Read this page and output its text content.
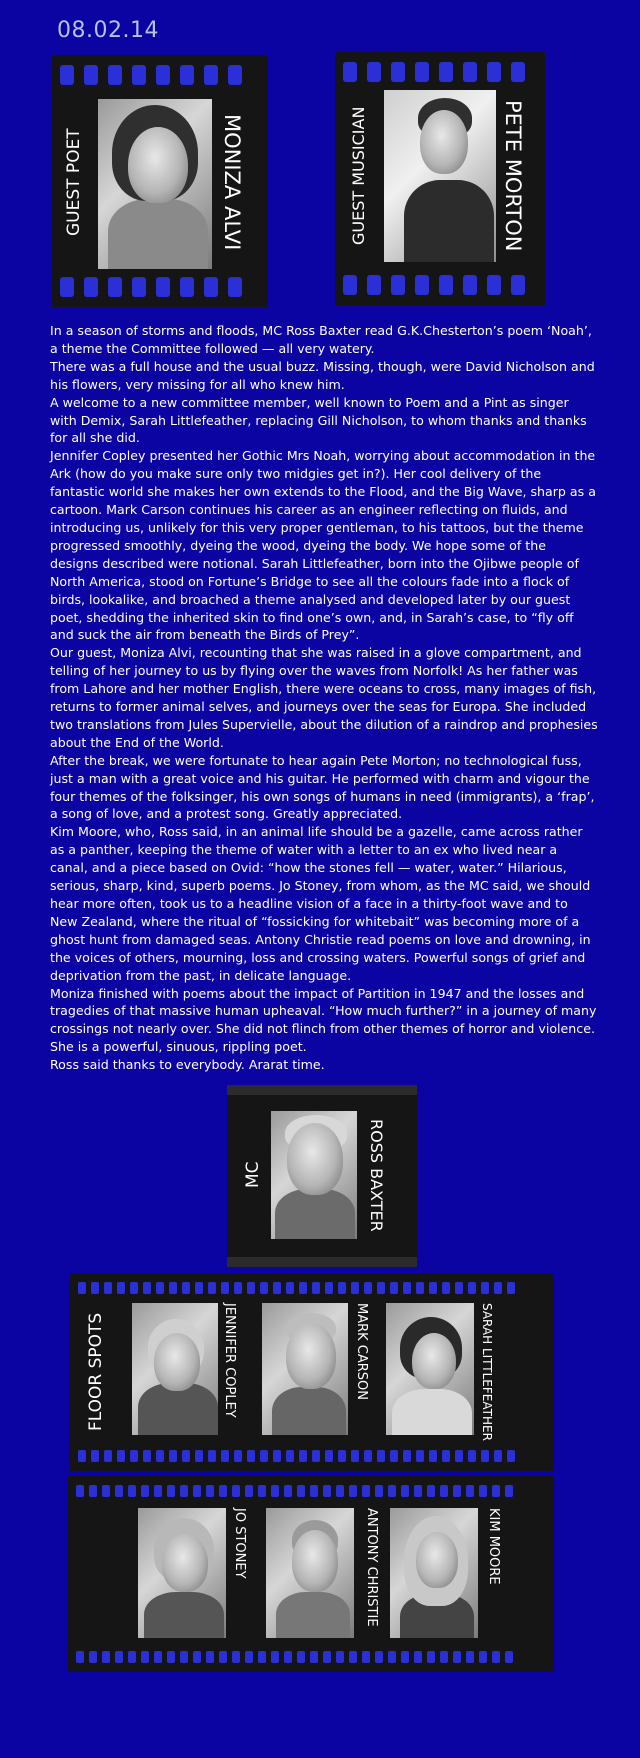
08.02.14
GUEST POET	MONIZA ALVI	GUEST MUSICIAN	PETE MORTON

In a season of storms and floods, MC Ross Baxter read G.K.Chesterton’s poem ‘Noah’, a theme the Committee followed — all very watery.

There was a full house and the usual buzz. Missing, though, were David Nicholson and his flowers, very missing for all who knew him.

A welcome to a new committee member, well known to Poem and a Pint as singer with Demix, Sarah Littlefeather, replacing Gill Nicholson, to whom thanks and thanks for all she did.

Jennifer Copley presented her Gothic Mrs Noah, worrying about accommodation in the Ark (how do you make sure only two midgies get in?). Her cool delivery of the fantastic world she makes her own extends to the Flood, and the Big Wave, sharp as a cartoon. Mark Carson continues his career as an engineer reflecting on fluids, and introducing us, unlikely for this very proper gentleman, to his tattoos, but the theme progressed smoothly, dyeing the wood, dyeing the body. We hope some of the designs described were notional. Sarah Littlefeather, born into the Ojibwe people of North America, stood on Fortune’s Bridge to see all the colours fade into a flock of birds, lookalike, and broached a theme analysed and developed later by our guest poet, shedding the inherited skin to find one’s own, and, in Sarah’s case, to “fly off and suck the air from beneath the Birds of Prey”.

Our guest, Moniza Alvi, recounting that she was raised in a glove compartment, and telling of her journey to us by flying over the waves from Norfolk! As her father was from Lahore and her mother English, there were oceans to cross, many images of fish, returns to former animal selves, and journeys over the seas for Europa. She included two translations from Jules Supervielle, about the dilution of a raindrop and prophesies about the End of the World.

After the break, we were fortunate to hear again Pete Morton; no technological fuss, just a man with a great voice and his guitar. He performed with charm and vigour the four themes of the folksinger, his own songs of humans in need (immigrants), a ‘frap’, a song of love, and a protest song. Greatly appreciated.

Kim Moore, who, Ross said, in an animal life should be a gazelle, came across rather as a panther, keeping the theme of water with a letter to an ex who lived near a canal, and a piece based on Ovid: “how the stones fell — water, water.” Hilarious, serious, sharp, kind, superb poems. Jo Stoney, from whom, as the MC said, we should hear more often, took us to a headline vision of a face in a thirty-foot wave and to New Zealand, where the ritual of “fossicking for whitebait” was becoming more of a ghost hunt from damaged seas. Antony Christie read poems on love and drowning, in the voices of others, mourning, loss and crossing waters. Powerful songs of grief and deprivation from the past, in delicate language.

Moniza finished with poems about the impact of Partition in 1947 and the losses and tragedies of that massive human upheaval. “How much further?” in a journey of many crossings not nearly over. She did not flinch from other themes of horror and violence. She is a powerful, sinuous, rippling poet.

Ross said thanks to everybody. Ararat time.

MC	ROSS BAXTER
FLOOR SPOTS	JENNIFER COPLEY	MARK CARSON	SARAH LITTLEFEATHER
JO STONEY	ANTONY CHRISTIE	KIM MOORE
